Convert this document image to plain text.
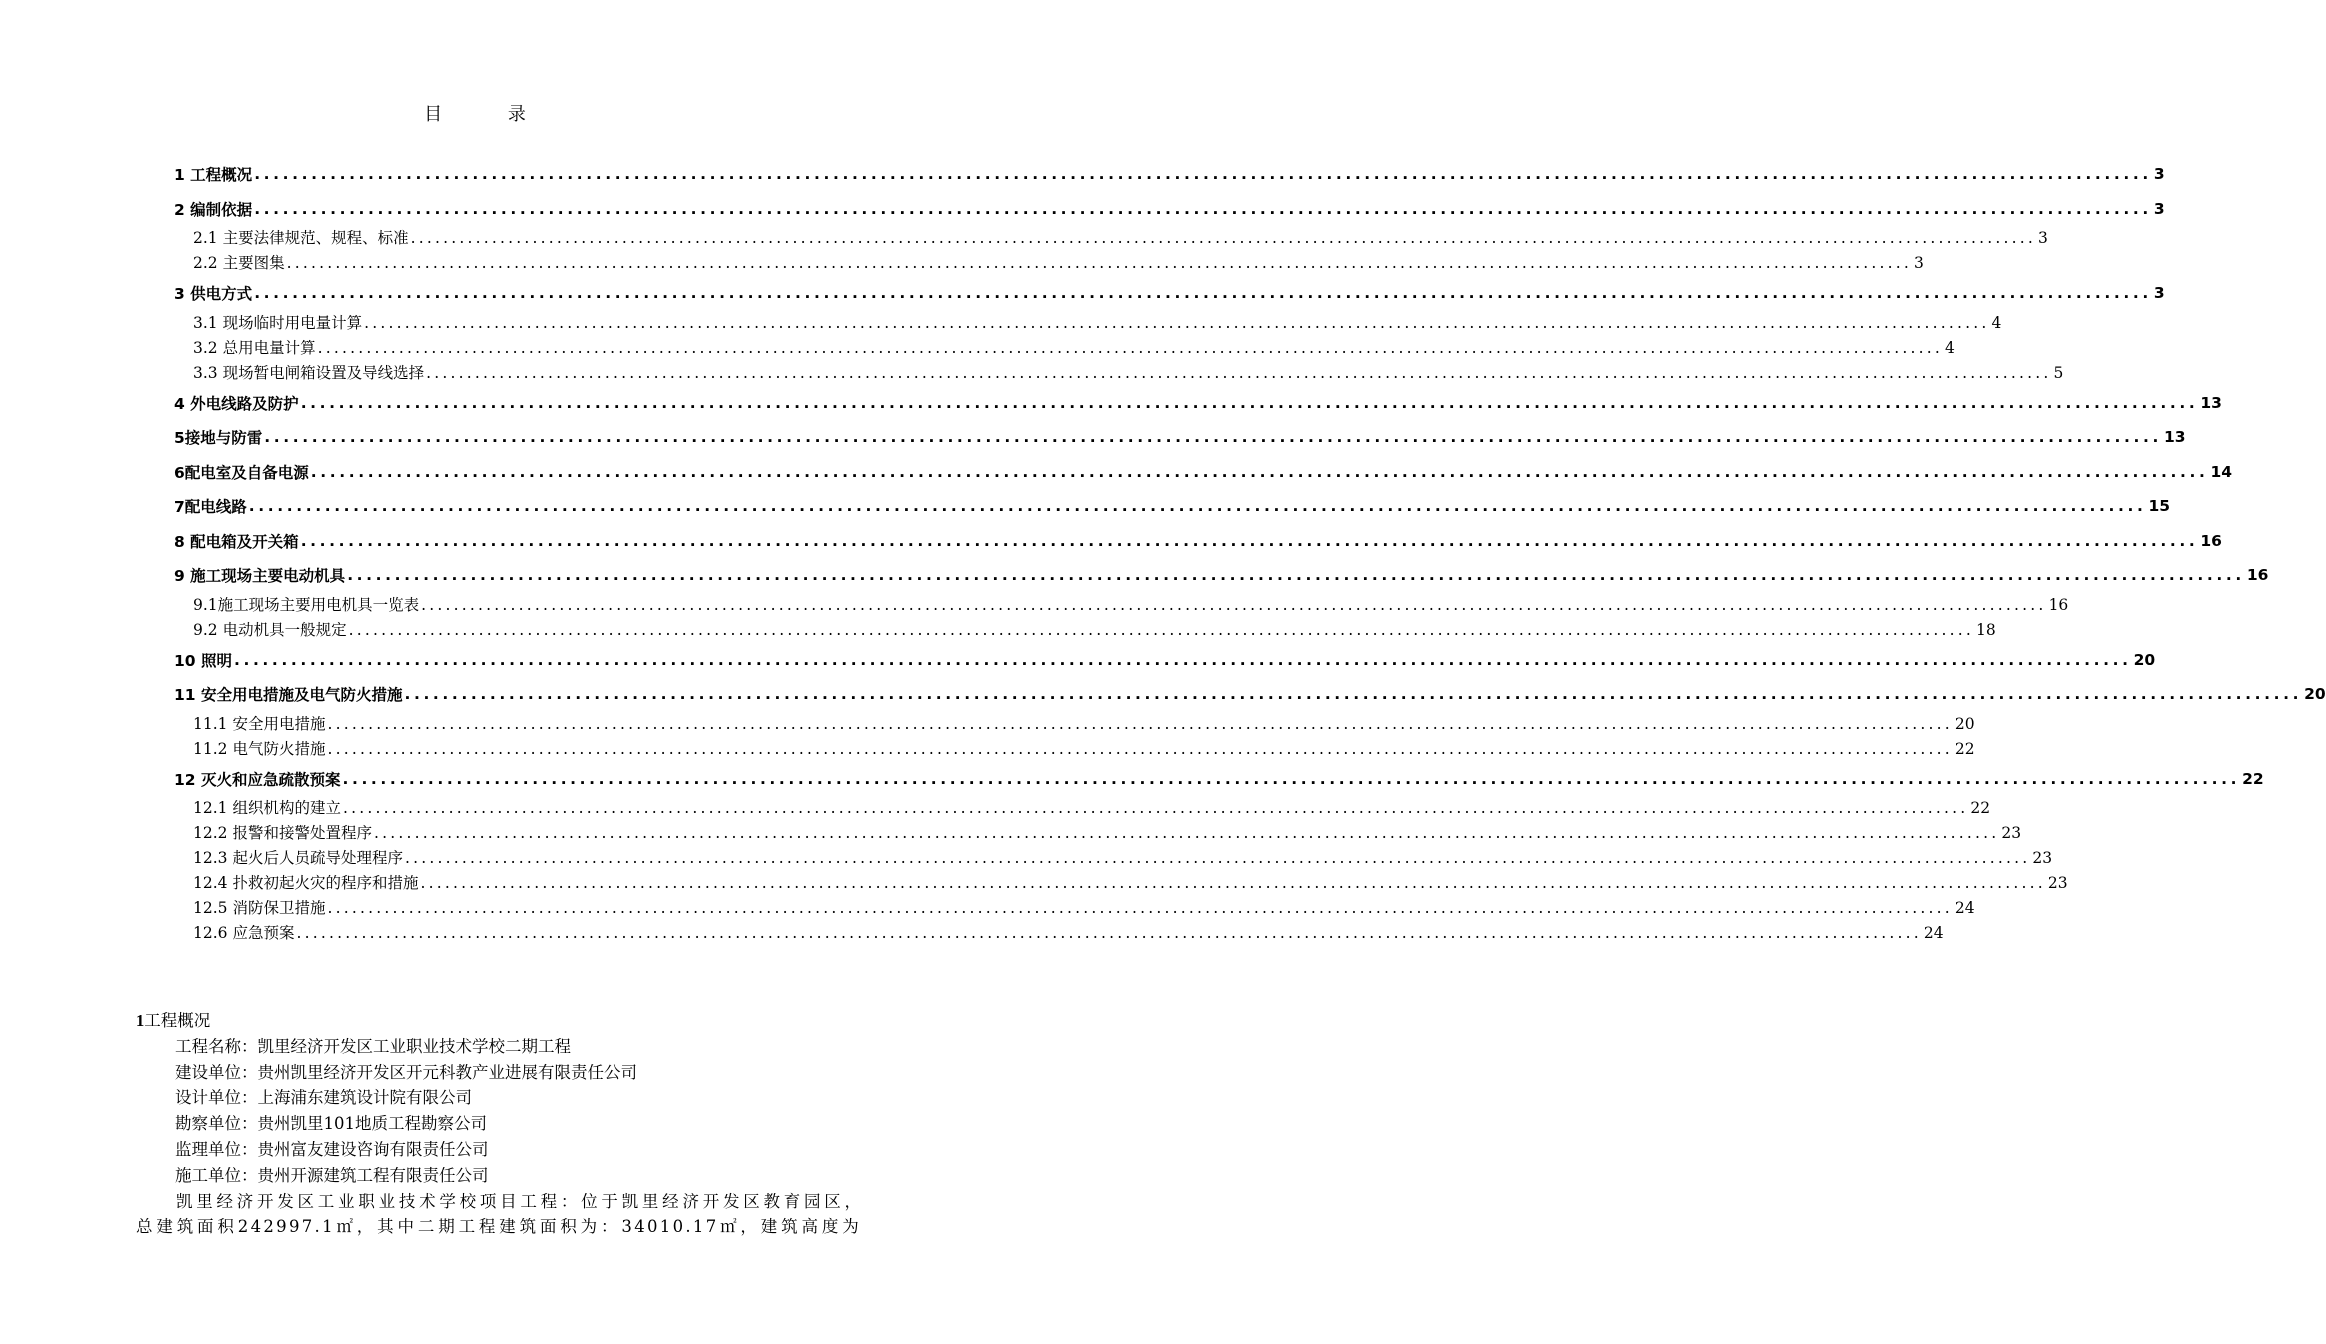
目 录
1 工程概况 ........................................................................................................................................................................................................ 3
2 编制依据 ........................................................................................................................................................................................................ 3
2.1 主要法律规范、规程、标准 ........................................................................................................................................................................................................ 3
2.2 主要图集 ........................................................................................................................................................................................................ 3
3 供电方式 ........................................................................................................................................................................................................ 3
3.1 现场临时用电量计算 ........................................................................................................................................................................................................ 4
3.2 总用电量计算 ........................................................................................................................................................................................................ 4
3.3 现场暂电闸箱设置及导线选择 ........................................................................................................................................................................................................ 5
4 外电线路及防护 ........................................................................................................................................................................................................ 13
5接地与防雷 ........................................................................................................................................................................................................ 13
6配电室及自备电源 ........................................................................................................................................................................................................ 14
7配电线路 ........................................................................................................................................................................................................ 15
8 配电箱及开关箱 ........................................................................................................................................................................................................ 16
9 施工现场主要电动机具 ........................................................................................................................................................................................................ 16
9.1施工现场主要用电机具一览表 ........................................................................................................................................................................................................ 16
9.2 电动机具一般规定 ........................................................................................................................................................................................................ 18
10 照明 ........................................................................................................................................................................................................ 20
11 安全用电措施及电气防火措施 ........................................................................................................................................................................................................ 20
11.1 安全用电措施 ........................................................................................................................................................................................................ 20
11.2 电气防火措施 ........................................................................................................................................................................................................ 22
12 灭火和应急疏散预案 ........................................................................................................................................................................................................ 22
12.1 组织机构的建立 ........................................................................................................................................................................................................ 22
12.2 报警和接警处置程序 ........................................................................................................................................................................................................ 23
12.3 起火后人员疏导处理程序 ........................................................................................................................................................................................................ 23
12.4 扑救初起火灾的程序和措施 ........................................................................................................................................................................................................ 23
12.5 消防保卫措施 ........................................................................................................................................................................................................ 24
12.6 应急预案 ........................................................................................................................................................................................................ 24
1工程概况
工程名称：凯里经济开发区工业职业技术学校二期工程
建设单位：贵州凯里经济开发区开元科教产业进展有限责任公司
设计单位：上海浦东建筑设计院有限公司
勘察单位：贵州凯里101地质工程勘察公司
监理单位：贵州富友建设咨询有限责任公司
施工单位：贵州开源建筑工程有限责任公司
凯里经济开发区工业职业技术学校项目工程：位于凯里经济开发区教育园区，
总建筑面积242997.1㎡，其中二期工程建筑面积为：34010.17㎡，建筑高度为
